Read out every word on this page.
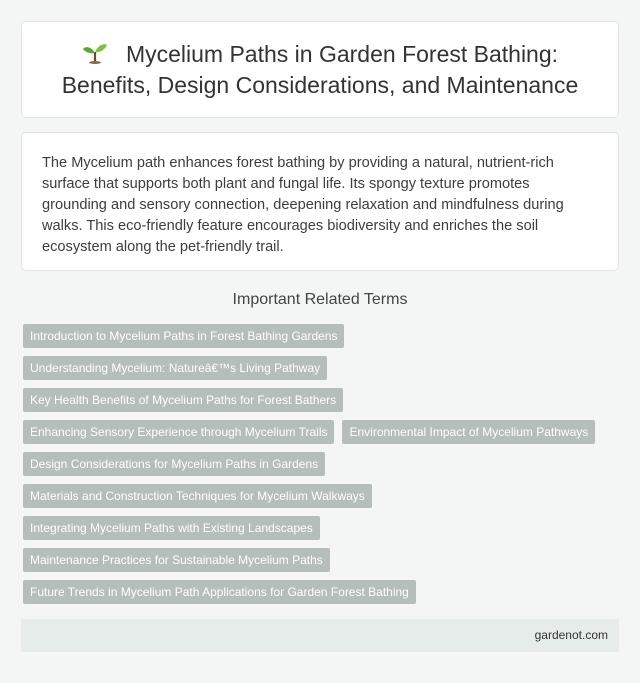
Mycelium Paths in Garden Forest Bathing: Benefits, Design Considerations, and Maintenance

The Mycelium path enhances forest bathing by providing a natural, nutrient-rich surface that supports both plant and fungal life. Its spongy texture promotes grounding and sensory connection, deepening relaxation and mindfulness during walks. This eco-friendly feature encourages biodiversity and enriches the soil ecosystem along the pet-friendly trail.

Important Related Terms
Introduction to Mycelium Paths in Forest Bathing Gardens
Understanding Mycelium: Natureâ€™s Living Pathway
Key Health Benefits of Mycelium Paths for Forest Bathers
Enhancing Sensory Experience through Mycelium Trails	Environmental Impact of Mycelium Pathways
Design Considerations for Mycelium Paths in Gardens
Materials and Construction Techniques for Mycelium Walkways
Integrating Mycelium Paths with Existing Landscapes
Maintenance Practices for Sustainable Mycelium Paths
Future Trends in Mycelium Path Applications for Garden Forest Bathing
gardenot.com
